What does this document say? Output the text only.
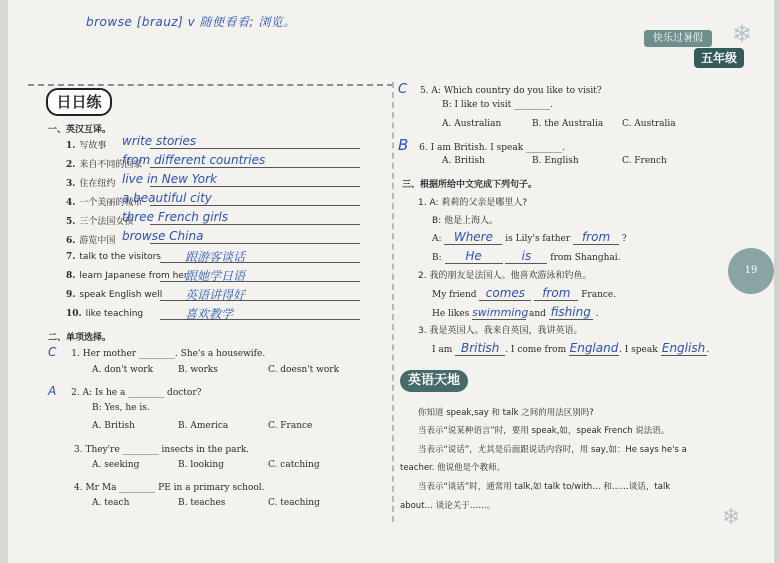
browse [brauz] v 随便看看; 浏览。
快乐过暑假
五年级
❄
❄
19
日日练
一、英汉互译。
1. 写故事 write stories
2. 来自不同的国家
from different countries
3. 住在纽约 live in New York
4. 一个美丽的城市
a beautiful city
5. 三个法国女孩
three French girls
6. 游览中国 browse China
7. talk to the visitors 跟游客谈话
8. learn Japanese from her
跟她学日语
9. speak English well 英语讲得好
10. like teaching	喜欢教学
二、单项选择。
C 1. Her mother ________. She's a housewife.
A. don't work	B. works	C. doesn't work
A 2. A: Is he a ________ doctor?
B: Yes, he is.
A. British	B. America	C. France
3. They're ________ insects in the park.
A. seeking	B. looking	C. catching
4. Mr Ma ________ PE in a primary school.
A. teach	B. teaches	C. teaching
C 5. A: Which country do you like to visit?
B: I like to visit ________.
A. Australian	B. the Australia C. Australia
B 6. I am British. I speak ________.
A. British	B. English	C. French
三、根据所给中文完成下列句子。
1. A: 莉莉的父亲是哪里人?
B: 他是上海人。
A: Where is Lily's father from ?
B: He	is from Shanghai.
2. 我的朋友是法国人。他喜欢游泳和钓鱼。
My friend comes from France.
He likes swimming and fishing .
3. 我是英国人。我来自英国，我讲英语。
I am British . I come from England. I speak English.
英语天地
你知道 speak,say 和 talk 之间的用法区别吗?
当表示“说某种语言”时，要用 speak,如，speak French 说法语。
当表示“说话”，尤其是后面跟说话内容时，用 say,如：He says he's a
teacher. 他说他是个教师。
当表示“谈话”时，通常用 talk,如 talk to/with… 和……谈话，talk
about… 谈论关于……。
